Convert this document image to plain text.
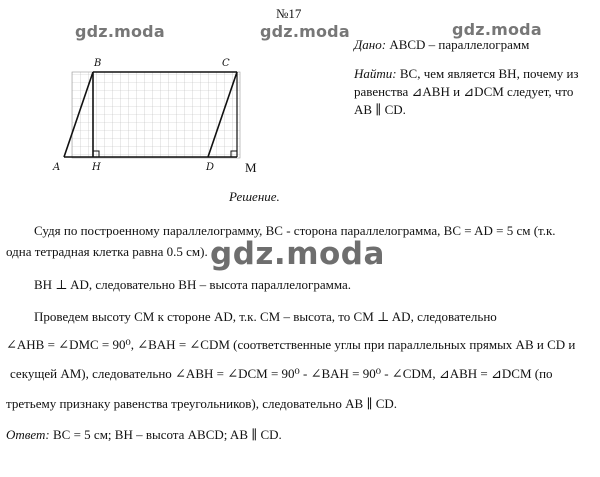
№17
gdz.moda	gdz.moda	gdz.moda
Дано: ABCD – параллелограмм
Найти: BC, чем является BH, почему из
равенства ⊿ABH и ⊿DCM следует, что
AB ∥ CD.
A	H
B	C
D M
Решение.
Судя по построенному параллелограмму, BC - сторона параллелограмма, BC = AD = 5 см (т.к.
одна тетрадная клетка равна 0.5 см). gdz.moda
BH ⊥ AD, следовательно BH – высота параллелограмма.
Проведем высоту CM к стороне AD, т.к. CM – высота, то CM ⊥ AD, следовательно
∠AHB = ∠DMC = 90⁰, ∠BAH = ∠CDM (соответственные углы при параллельных прямых AB и CD и
секущей AM), следовательно ∠ABH = ∠DCM = 90⁰ - ∠BAH = 90⁰ - ∠CDM, ⊿ABH = ⊿DCM (по
третьему признаку равенства треугольников), следовательно AB ∥ CD.
Ответ: BC = 5 см; BH – высота ABCD; AB ∥ CD.
